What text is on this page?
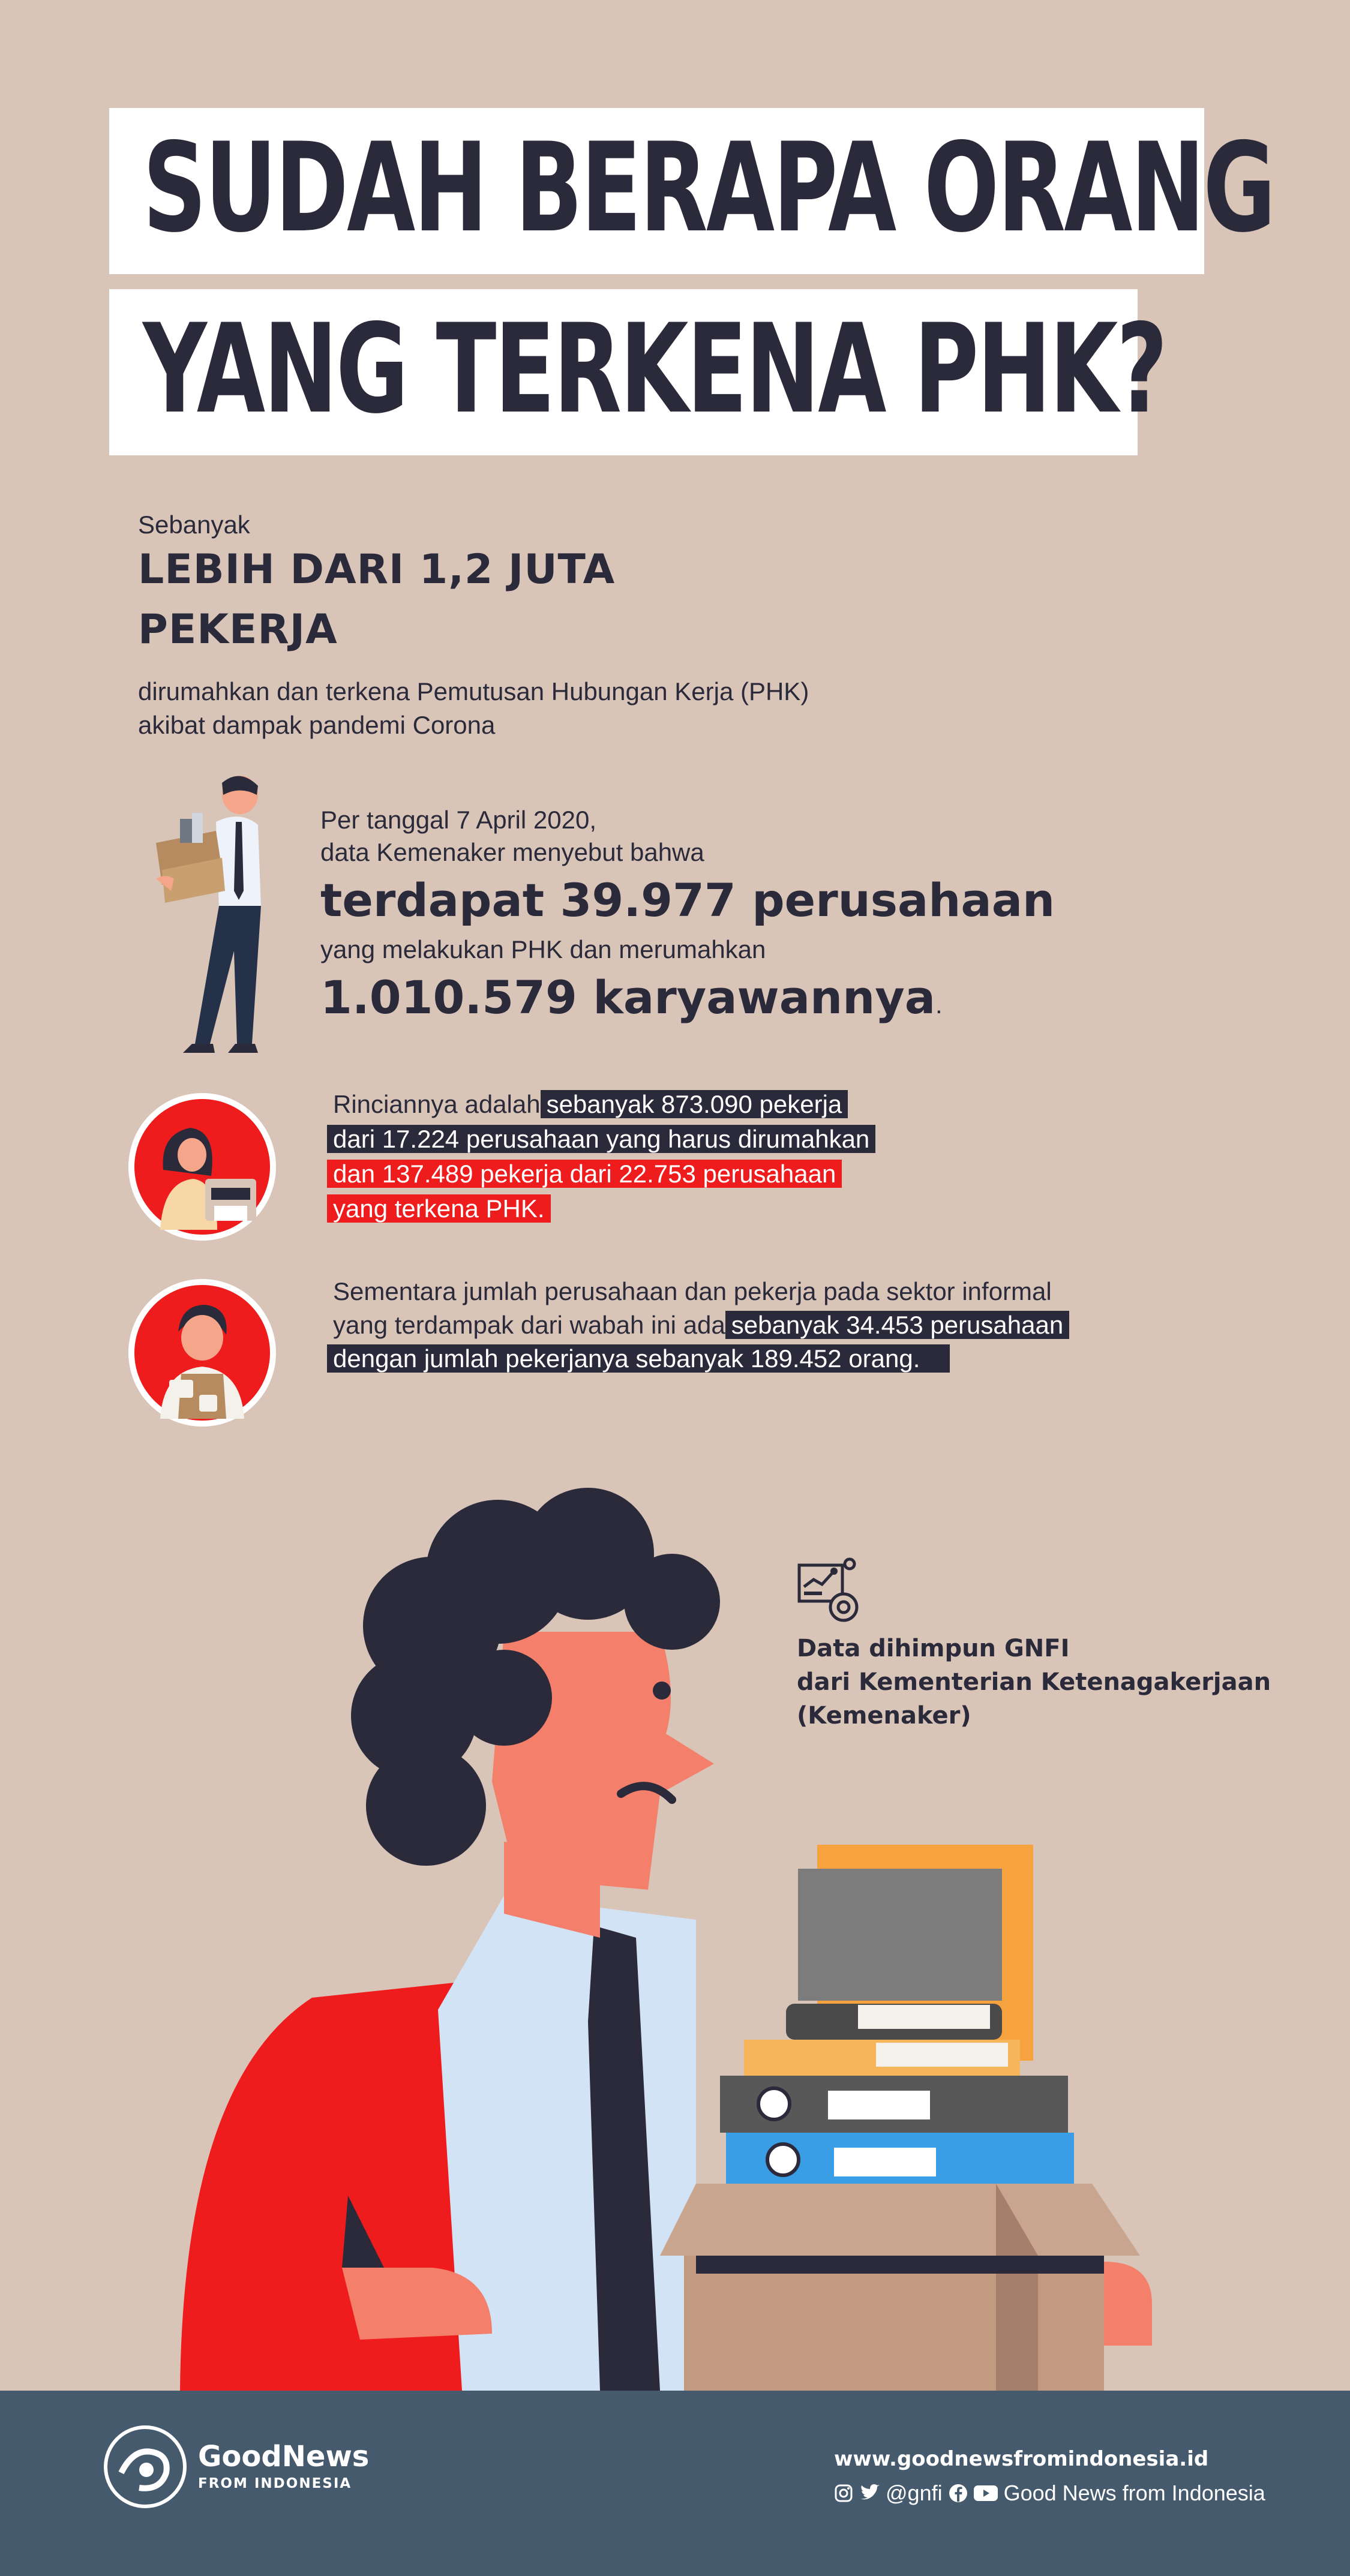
SUDAH BERAPA ORANG
YANG TERKENA PHK?
Sebanyak
LEBIH DARI 1,2 JUTA
PEKERJA
dirumahkan dan terkena Pemutusan Hubungan Kerja (PHK)
akibat dampak pandemi Corona
Per tanggal 7 April 2020,
data Kemenaker menyebut bahwa
terdapat 39.977 perusahaan
yang melakukan PHK dan merumahkan
1.010.579 karyawannya.
Rinciannya adalah sebanyak 873.090 pekerja
dari 17.224 perusahaan yang harus dirumahkan
dan 137.489 pekerja dari 22.753 perusahaan
yang terkena PHK.
Sementara jumlah perusahaan dan pekerja pada sektor informal
yang terdampak dari wabah ini ada sebanyak 34.453 perusahaan
dengan jumlah pekerjanya sebanyak 189.452 orang.
Data dihimpun GNFI
dari Kementerian Ketenagakerjaan
(Kemenaker)
GoodNews
FROM INDONESIA
www.goodnewsfromindonesia.id
@gnfi	Good News from Indonesia
